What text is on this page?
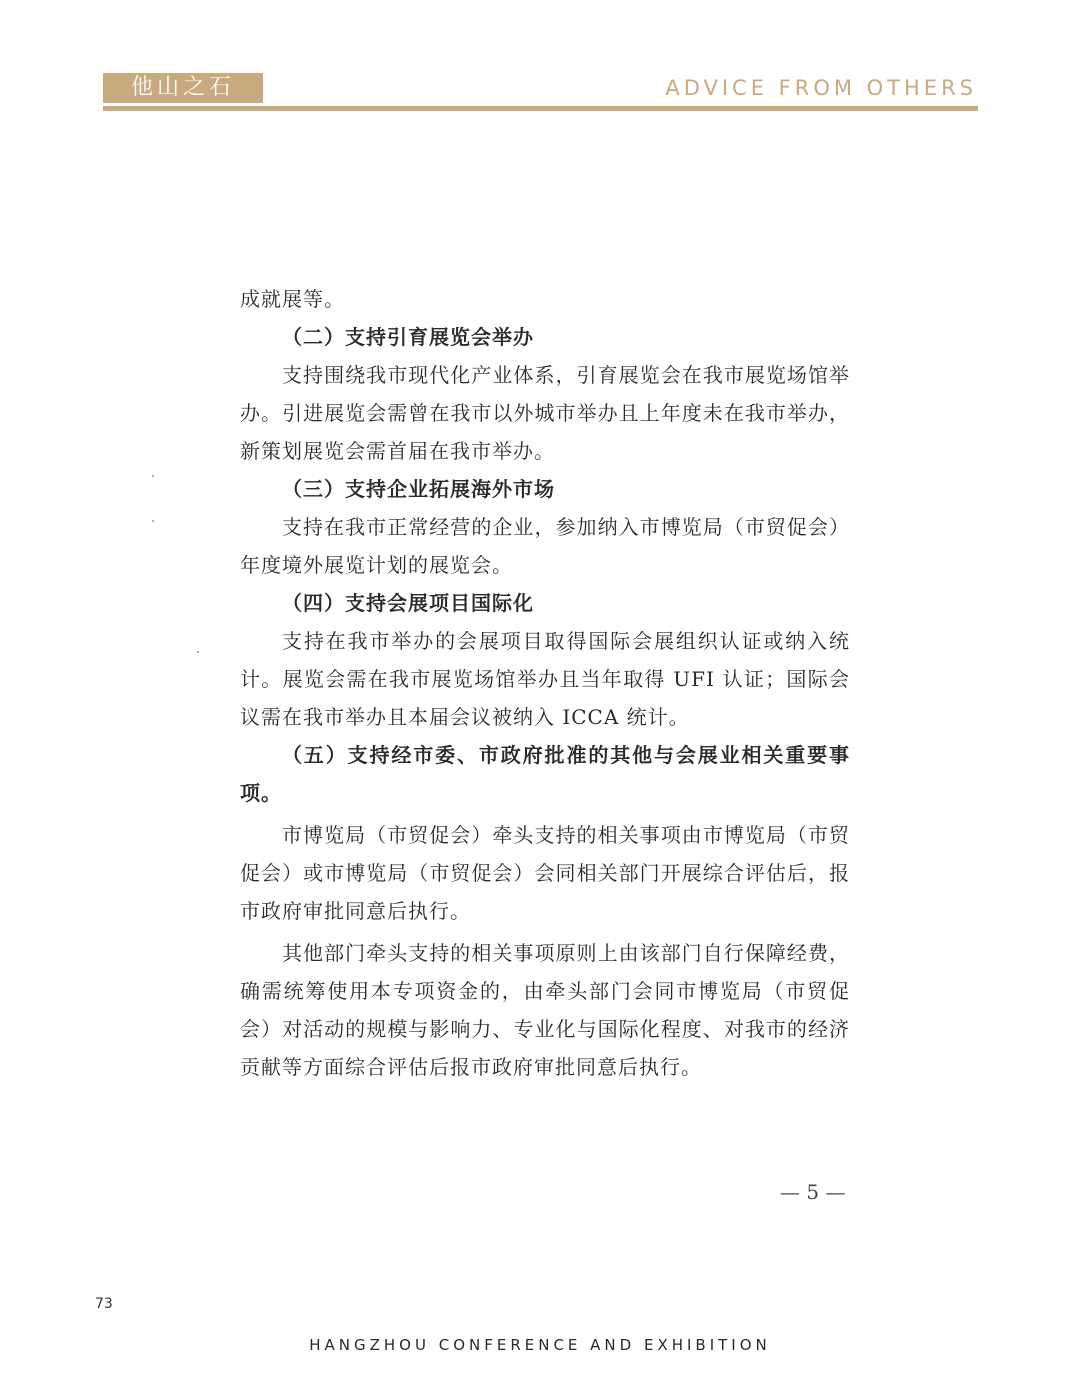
他山之石	ADVICE FROM OTHERS

成就展等。

（二）支持引育展览会举办

支持围绕我市现代化产业体系，引育展览会在我市展览场馆举办。引进展览会需曾在我市以外城市举办且上年度未在我市举办，新策划展览会需首届在我市举办。

（三）支持企业拓展海外市场

支持在我市正常经营的企业，参加纳入市博览局（市贸促会）年度境外展览计划的展览会。

（四）支持会展项目国际化

支持在我市举办的会展项目取得国际会展组织认证或纳入统计。展览会需在我市展览场馆举办且当年取得 UFI 认证；国际会议需在我市举办且本届会议被纳入 ICCA 统计。

（五）支持经市委、市政府批准的其他与会展业相关重要事项。

市博览局（市贸促会）牵头支持的相关事项由市博览局（市贸促会）或市博览局（市贸促会）会同相关部门开展综合评估后，报市政府审批同意后执行。

其他部门牵头支持的相关事项原则上由该部门自行保障经费，确需统筹使用本专项资金的，由牵头部门会同市博览局（市贸促会）对活动的规模与影响力、专业化与国际化程度、对我市的经济贡献等方面综合评估后报市政府审批同意后执行。

— 5 —
73
HANGZHOU CONFERENCE AND EXHIBITION
